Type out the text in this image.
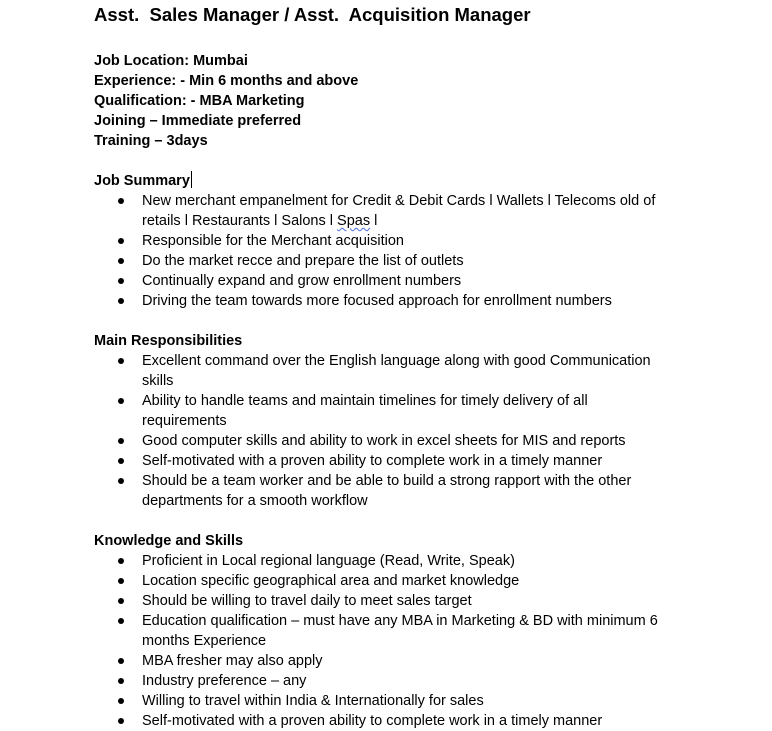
Asst.  Sales Manager / Asst.  Acquisition Manager
Job Location: Mumbai
Experience: - Min 6 months and above
Qualification: - MBA Marketing
Joining – Immediate preferred
Training – 3days
Job Summary
New merchant empanelment for Credit & Debit Cards l Wallets l Telecoms old of retails l Restaurants l Salons l Spas l
Responsible for the Merchant acquisition
Do the market recce and prepare the list of outlets
Continually expand and grow enrollment numbers
Driving the team towards more focused approach for enrollment numbers
Main Responsibilities
Excellent command over the English language along with good Communication skills
Ability to handle teams and maintain timelines for timely delivery of all requirements
Good computer skills and ability to work in excel sheets for MIS and reports
Self-motivated with a proven ability to complete work in a timely manner
Should be a team worker and be able to build a strong rapport with the other departments for a smooth workflow
Knowledge and Skills
Proficient in Local regional language (Read, Write, Speak)
Location specific geographical area and market knowledge
Should be willing to travel daily to meet sales target
Education qualification – must have any MBA in Marketing & BD with minimum 6 months Experience
MBA fresher may also apply
Industry preference – any
Willing to travel within India & Internationally for sales
Self-motivated with a proven ability to complete work in a timely manner
